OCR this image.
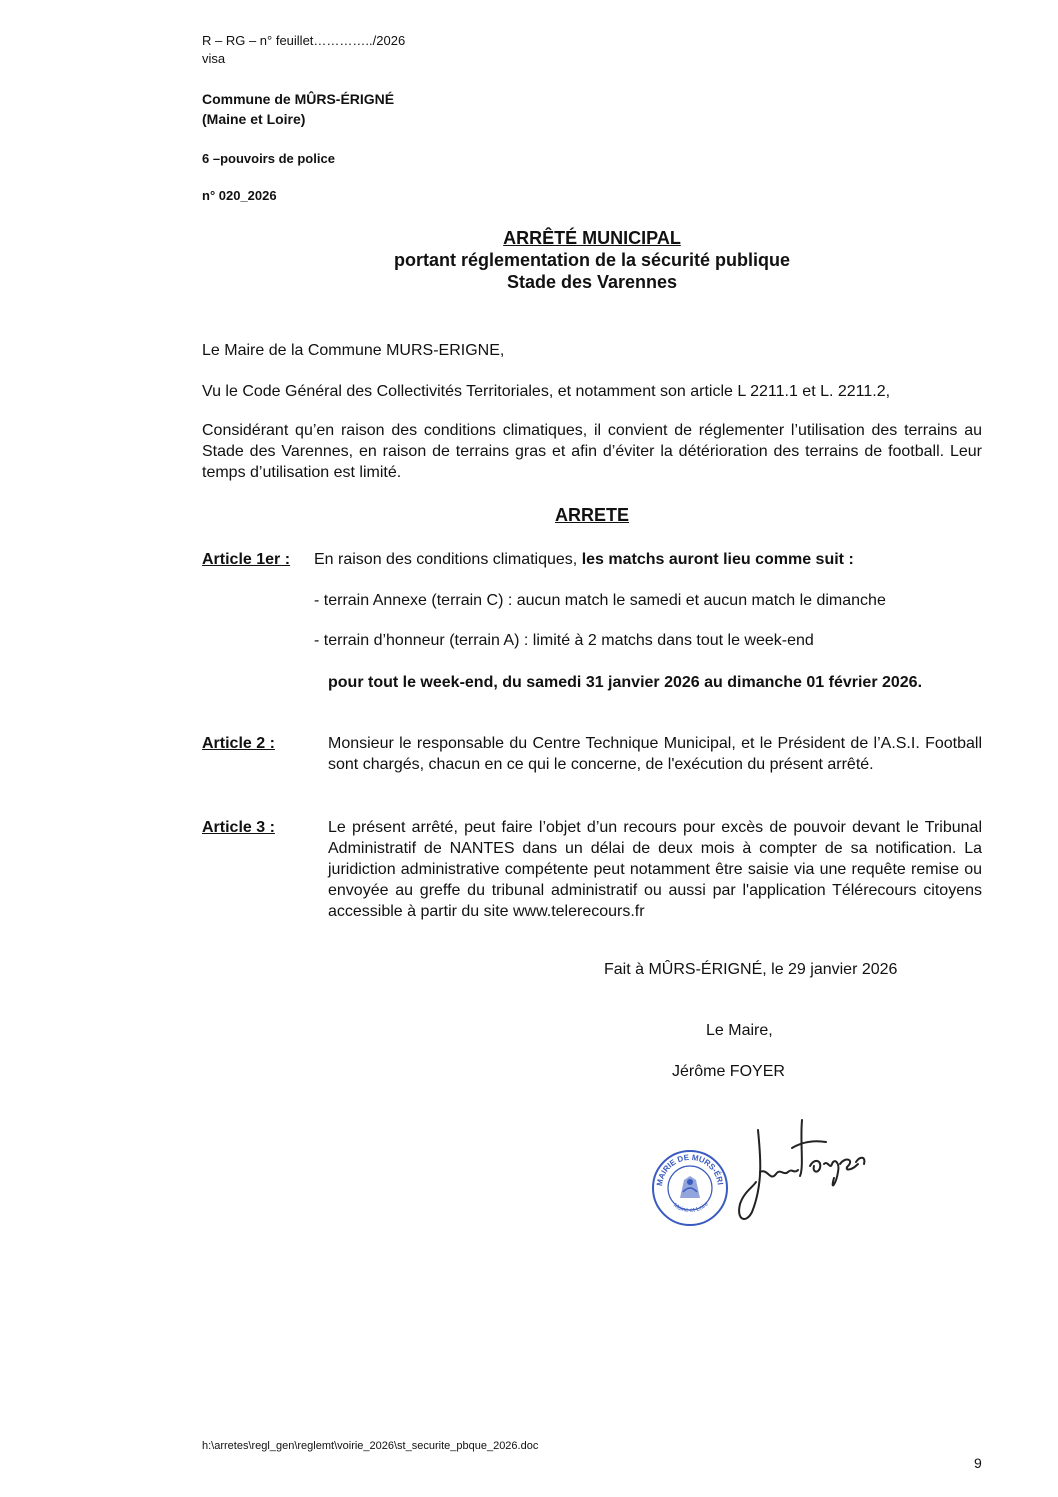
R – RG – n° feuillet…………../2026
visa
Commune de MÛRS-ÉRIGNÉ
(Maine et Loire)
6 –pouvoirs de police
n° 020_2026
ARRÊTÉ MUNICIPAL
portant réglementation de la sécurité publique
Stade des Varennes
Le Maire de la Commune MURS-ERIGNE,
Vu le Code Général des Collectivités Territoriales, et notamment son article L 2211.1 et L. 2211.2,
Considérant qu’en raison des conditions climatiques, il convient de réglementer l’utilisation des terrains au Stade des Varennes, en raison de terrains gras et afin d’éviter la détérioration des terrains de football. Leur temps d’utilisation est limité.
ARRETE
Article 1er : En raison des conditions climatiques, les matchs auront lieu comme suit :
- terrain Annexe (terrain C) : aucun match le samedi et aucun match le dimanche
- terrain d’honneur (terrain A) : limité à 2 matchs dans tout le week-end
pour tout le week-end, du samedi 31 janvier 2026 au dimanche 01 février 2026.
Article 2 :	Monsieur le responsable du Centre Technique Municipal, et le Président de l’A.S.I. Football sont chargés, chacun en ce qui le concerne, de l'exécution du présent arrêté.
Article 3 :	Le présent arrêté, peut faire l’objet d’un recours pour excès de pouvoir devant le Tribunal Administratif de NANTES dans un délai de deux mois à compter de sa notification. La juridiction administrative compétente peut notamment être saisie via une requête remise ou envoyée au greffe du tribunal administratif ou aussi par l'application Télérecours citoyens accessible à partir du site www.telerecours.fr
Fait à MÛRS-ÉRIGNÉ, le 29 janvier 2026
Le Maire,
Jérôme FOYER
MAIRIE DE MURS-ÉRI
Maine-et-Loire
h:\arretes\regl_gen\reglemt\voirie_2026\st_securite_pbque_2026.doc
9
